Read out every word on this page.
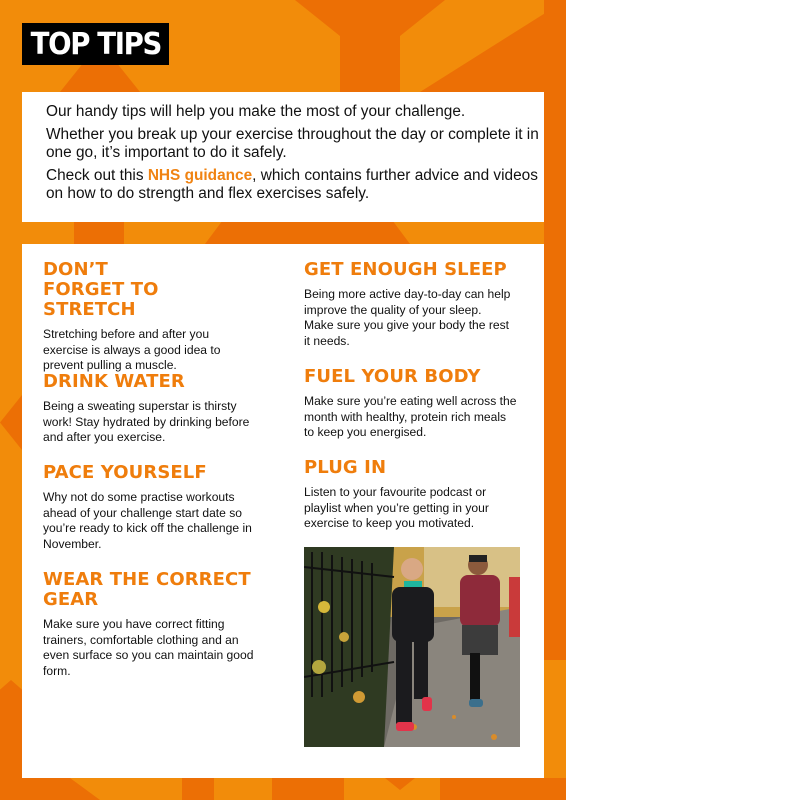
TOP TIPS

Our handy tips will help you make the most of your challenge.

Whether you break up your exercise throughout the day or complete it in one go, it’s important to do it safely.

Check out this NHS guidance, which contains further advice and videos on how to do strength and flex exercises safely.

DON’T FORGET TO STRETCH

Stretching before and after you exercise is always a good idea to prevent pulling a muscle.

DRINK WATER

Being a sweating superstar is thirsty work! Stay hydrated by drinking before and after you exercise.

PACE YOURSELF

Why not do some practise workouts ahead of your challenge start date so you’re ready to kick off the challenge in November.

WEAR THE CORRECT GEAR

Make sure you have correct fitting trainers, comfortable clothing and an even surface so you can maintain good form.

GET ENOUGH SLEEP

Being more active day-to-day can help improve the quality of your sleep. Make sure you give your body the rest it needs.

FUEL YOUR BODY

Make sure you’re eating well across the month with healthy, protein rich meals to keep you energised.

PLUG IN

Listen to your favourite podcast or playlist when you’re getting in your exercise to keep you motivated.
